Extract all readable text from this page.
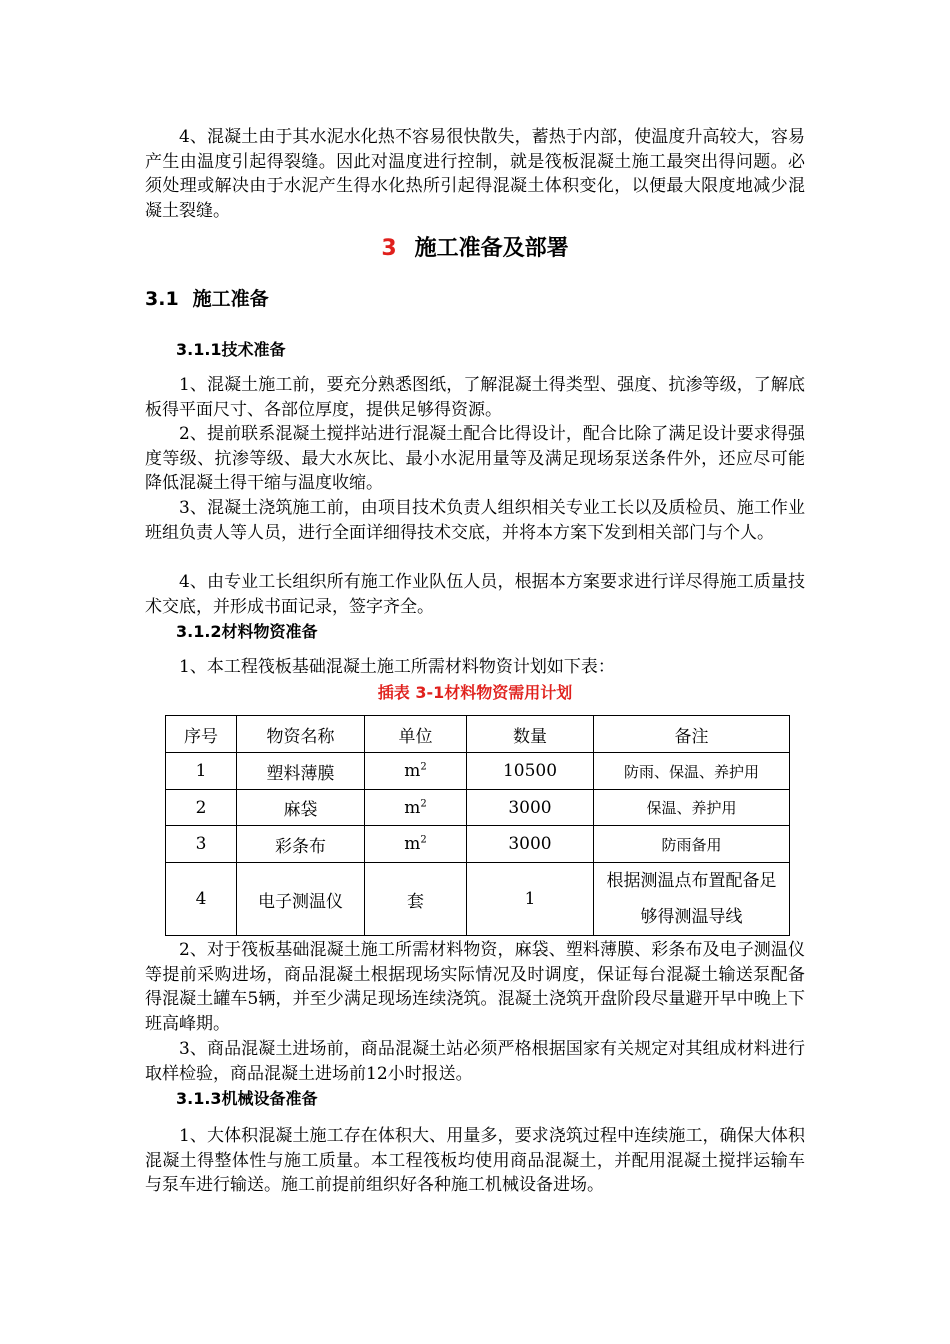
4、混凝土由于其水泥水化热不容易很快散失，蓄热于内部，使温度升高较大，容易产生由温度引起得裂缝。因此对温度进行控制，就是筏板混凝土施工最突出得问题。必须处理或解决由于水泥产生得水化热所引起得混凝土体积变化，以便最大限度地减少混凝土裂缝。

3 施工准备及部署
3.1 施工准备
3.1.1技术准备

1、混凝土施工前，要充分熟悉图纸，了解混凝土得类型、强度、抗渗等级，了解底板得平面尺寸、各部位厚度，提供足够得资源。

2、提前联系混凝土搅拌站进行混凝土配合比得设计，配合比除了满足设计要求得强度等级、抗渗等级、最大水灰比、最小水泥用量等及满足现场泵送条件外，还应尽可能降低混凝土得干缩与温度收缩。

3、混凝土浇筑施工前，由项目技术负责人组织相关专业工长以及质检员、施工作业班组负责人等人员，进行全面详细得技术交底，并将本方案下发到相关部门与个人。

4、由专业工长组织所有施工作业队伍人员，根据本方案要求进行详尽得施工质量技术交底，并形成书面记录，签字齐全。

3.1.2材料物资准备

1、本工程筏板基础混凝土施工所需材料物资计划如下表：

插表 3-1材料物资需用计划

序号	物资名称	单位	数量	备注
1	塑料薄膜	$m^2$	10500	防雨、保温、养护用
2	麻袋	$m^2$	3000	保温、养护用
3	彩条布	$m^2$	3000	防雨备用
4	电子测温仪	套	1	根据测温点布置配备足够得测温导线

2、对于筏板基础混凝土施工所需材料物资，麻袋、塑料薄膜、彩条布及电子测温仪等提前采购进场，商品混凝土根据现场实际情况及时调度，保证每台混凝土输送泵配备得混凝土罐车5辆，并至少满足现场连续浇筑。混凝土浇筑开盘阶段尽量避开早中晚上下班高峰期。

3、商品混凝土进场前，商品混凝土站必须严格根据国家有关规定对其组成材料进行取样检验，商品混凝土进场前12小时报送。

3.1.3机械设备准备

1、大体积混凝土施工存在体积大、用量多，要求浇筑过程中连续施工，确保大体积混凝土得整体性与施工质量。本工程筏板均使用商品混凝土，并配用混凝土搅拌运输车与泵车进行输送。施工前提前组织好各种施工机械设备进场。
